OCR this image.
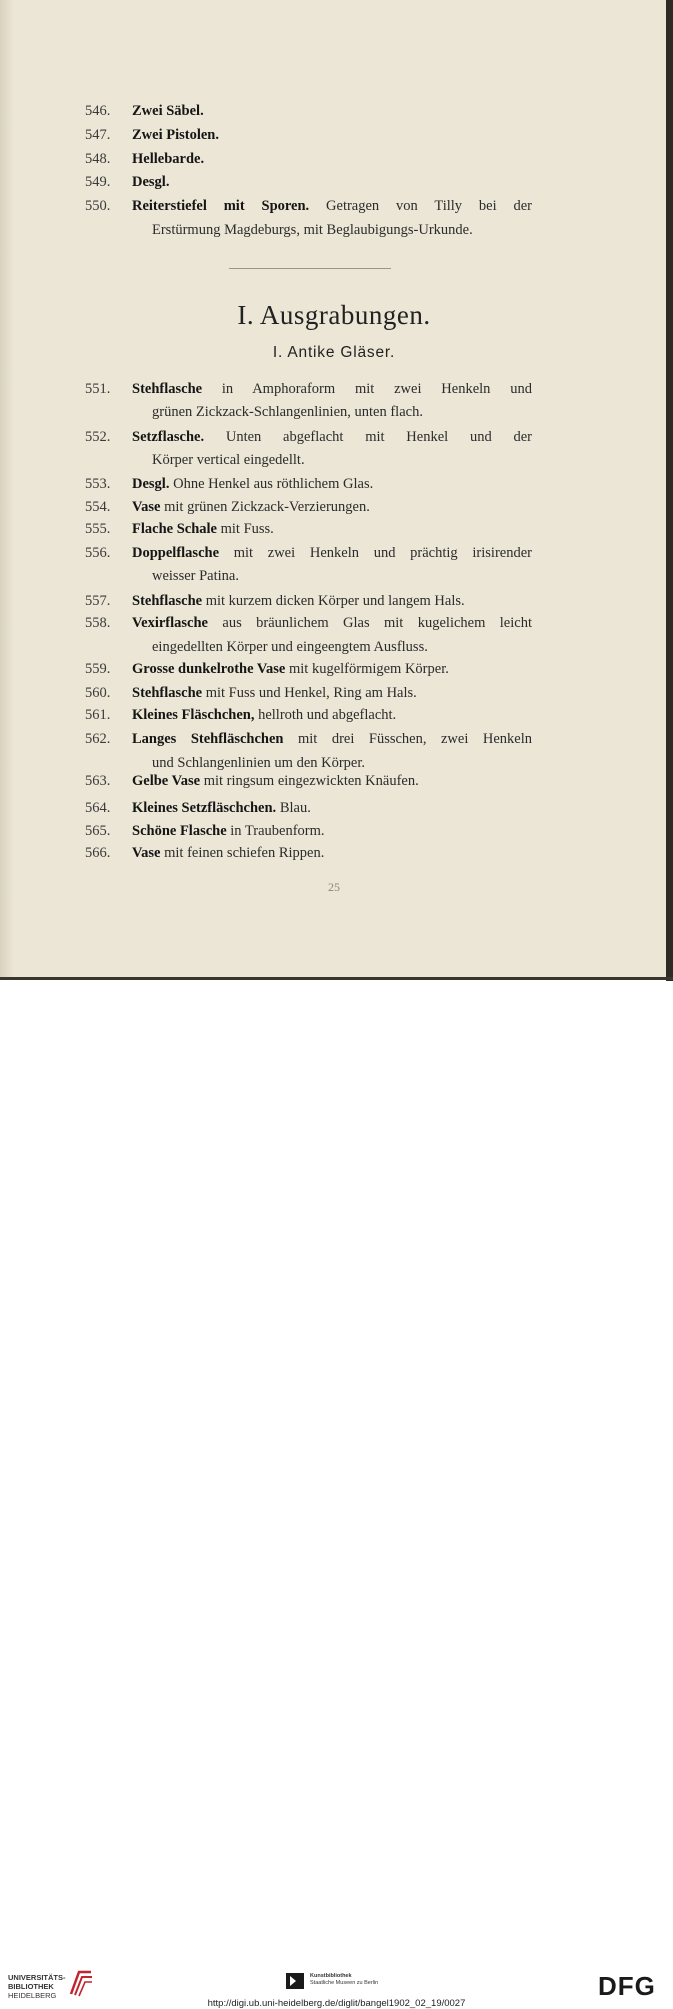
546.	Zwei Säbel.
547.	Zwei Pistolen.
548.	Hellebarde.
549.	Desgl.
550.	Reiterstiefel mit Sporen. Getragen von Tilly bei der
Erstürmung Magdeburgs, mit Beglaubigungs-Urkunde.
I. Ausgrabungen.
I. Antike Gläser.
551.	Stehflasche in Amphoraform mit zwei Henkeln und
grünen Zickzack-Schlangenlinien, unten flach.
552.	Setzflasche. Unten abgeflacht mit Henkel und der
Körper vertical eingedellt.
553.	Desgl. Ohne Henkel aus röthlichem Glas.
554.	Vase mit grünen Zickzack-Verzierungen.
555.	Flache Schale mit Fuss.
556.	Doppelflasche mit zwei Henkeln und prächtig irisirender
weisser Patina.
557.	Stehflasche mit kurzem dicken Körper und langem Hals.
558.	Vexirflasche aus bräunlichem Glas mit kugelichem leicht
eingedellten Körper und eingeengtem Ausfluss.
559.	Grosse dunkelrothe Vase mit kugelförmigem Körper.
560.	Stehflasche mit Fuss und Henkel, Ring am Hals.
561.	Kleines Fläschchen, hellroth und abgeflacht.
562.	Langes Stehfläschchen mit drei Füsschen, zwei Henkeln
und Schlangenlinien um den Körper.
563.	Gelbe Vase mit ringsum eingezwickten Knäufen.
564.	Kleines Setzfläschchen. Blau.
565.	Schöne Flasche in Traubenform.
566.	Vase mit feinen schiefen Rippen.
25
UNIVERSITÄTS-
BIBLIOTHEK
HEIDELBERG
Kunstbibliothek
Staatliche Museen zu Berlin	DFG
http://digi.ub.uni-heidelberg.de/diglit/bangel1902_02_19/0027
